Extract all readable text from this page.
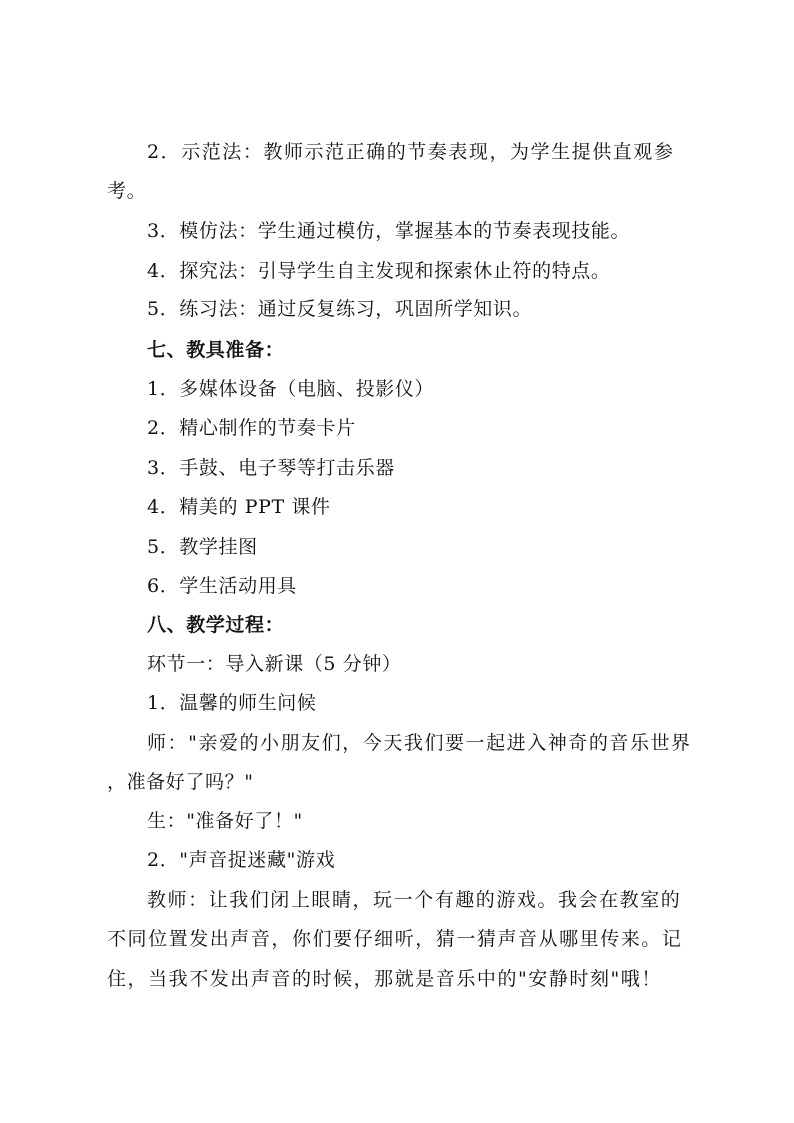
2．示范法：教师示范正确的节奏表现，为学生提供直观参
考。
3．模仿法：学生通过模仿，掌握基本的节奏表现技能。
4．探究法：引导学生自主发现和探索休止符的特点。
5．练习法：通过反复练习，巩固所学知识。
七、教具准备：
1．多媒体设备（电脑、投影仪）
2．精心制作的节奏卡片
3．手鼓、电子琴等打击乐器
4．精美的 PPT 课件
5．教学挂图
6．学生活动用具
八、教学过程：
环节一：导入新课（5 分钟）
1．温馨的师生问候
师："亲爱的小朋友们，今天我们要一起进入神奇的音乐世界
，准备好了吗？"
生："准备好了！"
2．"声音捉迷藏"游戏
教师：让我们闭上眼睛，玩一个有趣的游戏。我会在教室的
不同位置发出声音，你们要仔细听，猜一猜声音从哪里传来。记
住，当我不发出声音的时候，那就是音乐中的"安静时刻"哦！
